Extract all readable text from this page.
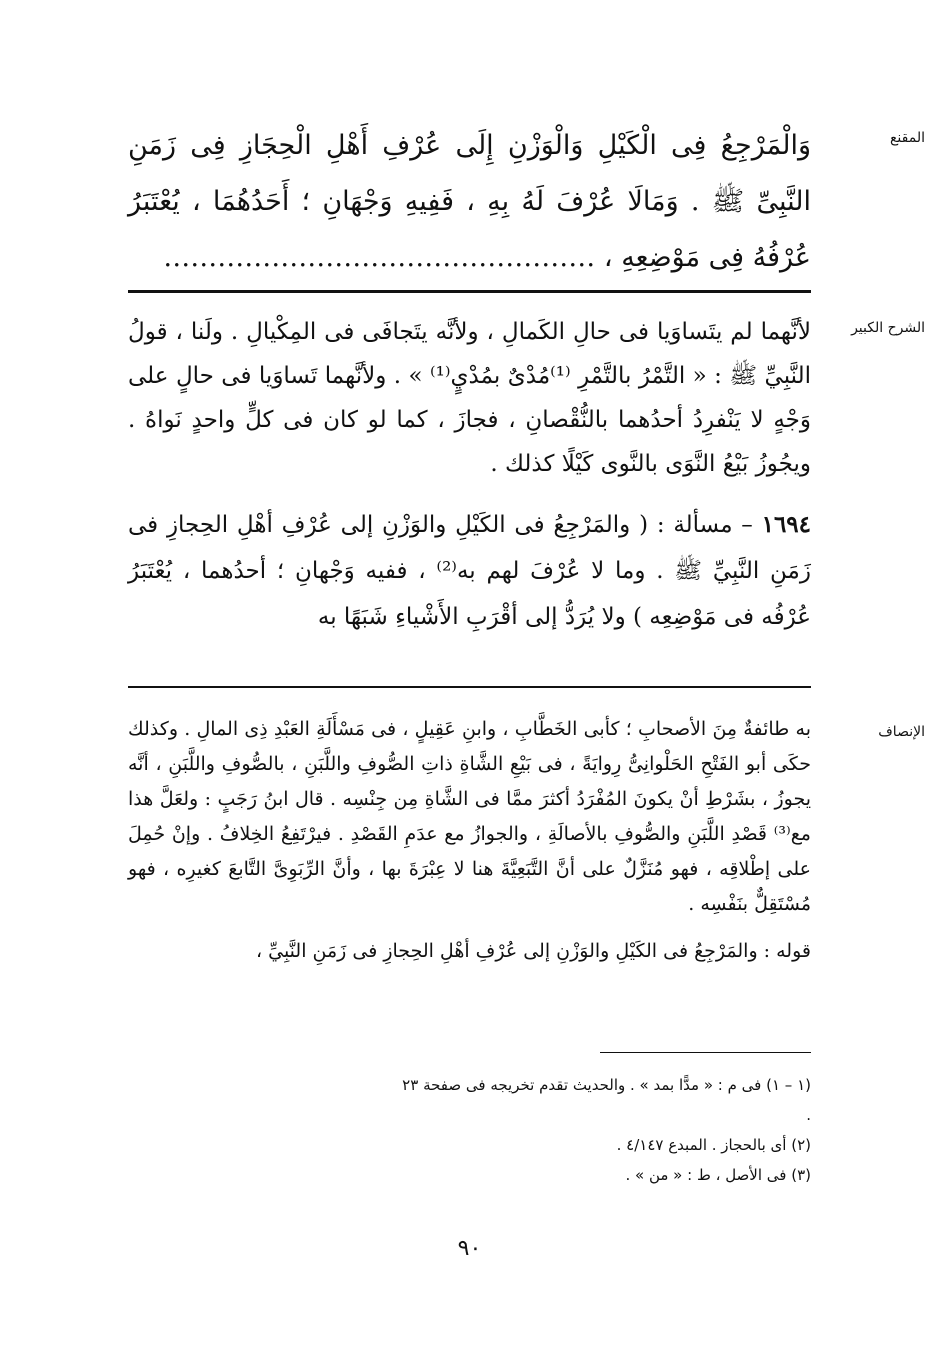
المقنع

وَالْمَرْجِعُ فِى الْكَيْلِ وَالْوَزْنِ إِلَى عُرْفِ أَهْلِ الْحِجَازِ فِى زَمَنِ النَّبِىِّ ﷺ . وَمَالَا عُرْفَ لَهُ بِهِ ، فَفِيهِ وَجْهَانِ ؛ أَحَدُهُمَا ، يُعْتَبَرُ عُرْفُهُ فِى مَوْضِعِهِ ، …………………………………………

الشرح الكبير

لأنَّهما لم يتَساوَيا فى حالِ الكَمالِ ، ولأنَّه يتَجافَى فى المِكْيالِ . ولَنا ، قولُ النَّبِيِّ ﷺ : « التَّمْرُ بالتَّمْرِ ⁽¹⁾مُدْىٌ بمُدْيٍ⁽¹⁾ » . ولأنَّهما تَساوَيا فى حالٍ على وَجْهٍ لا يَنْفرِدُ أحدُهما بالنُّقْصانِ ، فجازَ ، كما لو كان فى كلٍّ واحدٍ نَواهُ . ويجُوزُ بَيْعُ النَّوَى بالنَّوى كَيْلًا كذلك .

١٦٩٤ – مسألة : ( والمَرْجِعُ فى الكَيْلِ والوَزْنِ إلى عُرْفِ أهْلِ الحِجازِ فى زَمَنِ النَّبِيِّ ﷺ . وما لا عُرْفَ لهم به⁽²⁾ ، ففيه وَجْهانِ ؛ أحدُهما ، يُعْتَبَرُ عُرْفُه فى مَوْضِعِه ) ولا يُرَدُّ إلى أقْرَبِ الأَشْياءِ شَبَهًا به

الإنصاف

به طائفةٌ مِنَ الأصحابِ ؛ كأبى الخَطَّابِ ، وابنِ عَقِيلٍ ، فى مَسْأَلَةِ العَبْدِ ذِى المالِ . وكذلك حكَى أبو الفَتْحِ الحَلْوانِىُّ رِوايَةً ، فى بَيْعِ الشَّاةِ ذاتِ الصُّوفِ واللَّبَنِ ، بالصُّوفِ واللَّبَنِ ، أنَّه يجوزُ ، بشَرْطِ أنْ يكونَ المُفْرَدُ أكثرَ ممَّا فى الشَّاةِ مِن جِنْسِه . قال ابنُ رَجَبٍ : ولعَلَّ هذا مع⁽³⁾ قَصْدِ اللَّبَنِ والصُّوفِ بالأصالَةِ ، والجوازُ مع عدَمِ القَصْدِ . فيرْتَفِعُ الخِلافُ . وإنْ حُمِلَ على إطْلاقِه ، فهو مُنَزَّلٌ على أنَّ التَّبَعِيَّةَ هنا لا عِبْرَةَ بها ، وأنَّ الرِّبَوِىَّ التَّابعَ كغيرِه ، فهو مُسْتَقِلٌّ بنَفْسِه .

قوله : والمَرْجِعُ فى الكَيْلِ والوَزْنِ إلى عُرْفِ أهْلِ الحِجازِ فى زَمَنِ النَّبِيِّ ،

(١ – ١) فى م : « مدًّا بمد » . والحديث تقدم تخريجه فى صفحة ٢٣ .

(٢) أى بالحجاز . المبدع ٤/١٤٧ .

(٣) فى الأصل ، ط : « من » .

٩٠
